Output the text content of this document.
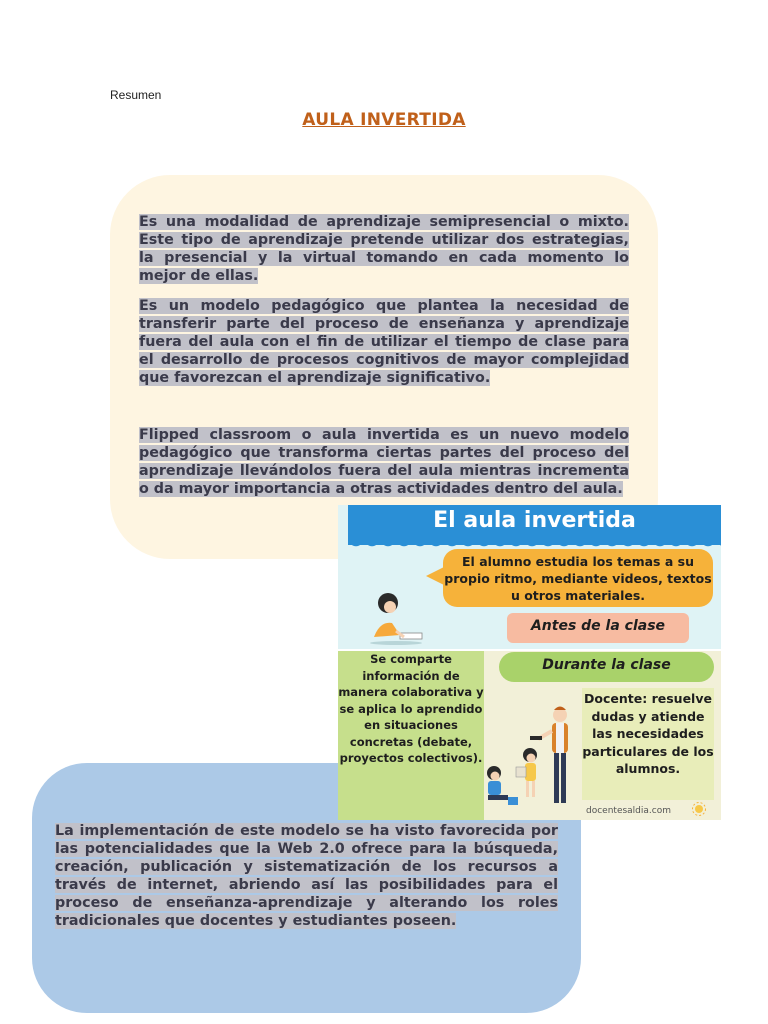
Resumen
AULA INVERTIDA

Es una modalidad de aprendizaje semipresencial o mixto. Este tipo de aprendizaje pretende utilizar dos estrategias, la presencial y la virtual tomando en cada momento lo mejor de ellas.

Es un modelo pedagógico que plantea la necesidad de transferir parte del proceso de enseñanza y aprendizaje fuera del aula con el fin de utilizar el tiempo de clase para el desarrollo de procesos cognitivos de mayor complejidad que favorezcan el aprendizaje significativo.

Flipped classroom o aula invertida es un nuevo modelo pedagógico que transforma ciertas partes del proceso del aprendizaje llevándolos fuera del aula mientras incrementa o da mayor importancia a otras actividades dentro del aula.

La implementación de este modelo se ha visto favorecida por las potencialidades que la Web 2.0 ofrece para la búsqueda, creación, publicación y sistematización de los recursos a través de internet, abriendo así las posibilidades para el proceso de enseñanza-aprendizaje y alterando los roles tradicionales que docentes y estudiantes poseen.

El aula invertida
El alumno estudia los temas a su propio ritmo, mediante videos, textos u otros materiales.
Antes de la clase
Se comparte información de manera colaborativa y se aplica lo aprendido en situaciones concretas (debate, proyectos colectivos).
Durante la clase
Docente: resuelve dudas y atiende las necesidades particulares de los alumnos.
docentesaldia.com
